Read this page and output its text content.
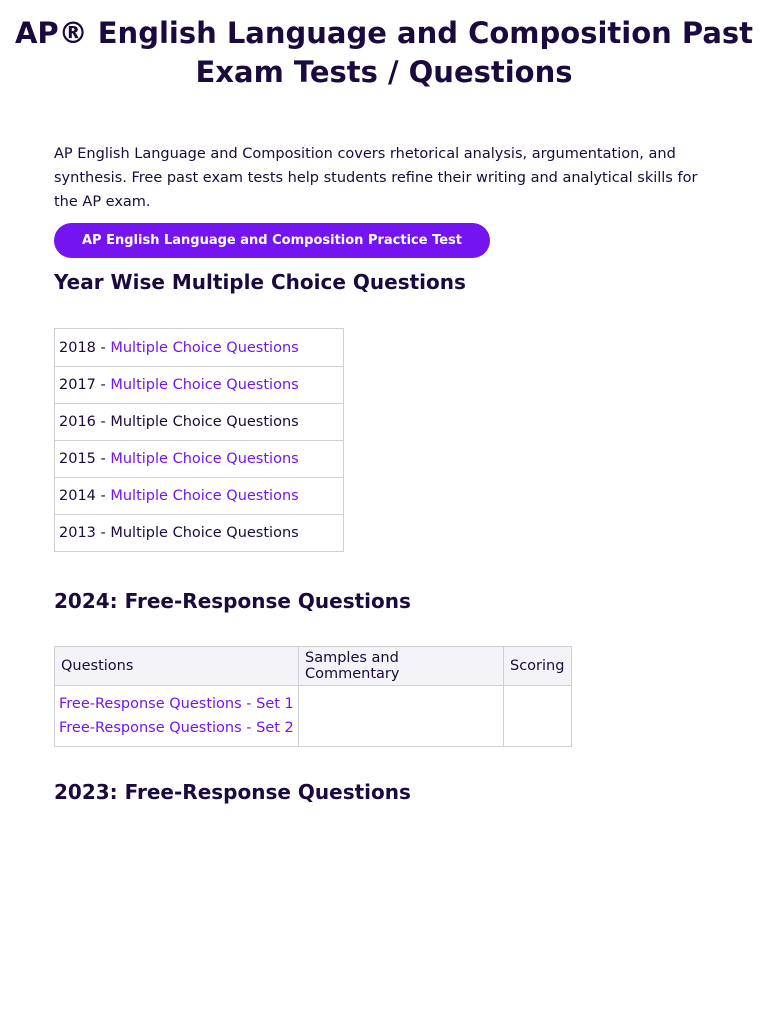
AP® English Language and Composition Past Exam Tests / Questions

AP English Language and Composition covers rhetorical analysis, argumentation, and synthesis. Free past exam tests help students refine their writing and analytical skills for the AP exam.

AP English Language and Composition Practice Test
Year Wise Multiple Choice Questions
2018 - Multiple Choice Questions
2017 - Multiple Choice Questions
2016 - Multiple Choice Questions
2015 - Multiple Choice Questions
2014 - Multiple Choice Questions
2013 - Multiple Choice Questions
2024: Free-Response Questions
Questions	Samples and Commentary	Scoring

Free-Response Questions - Set 1
Free-Response Questions - Set 2		

2023: Free-Response Questions
